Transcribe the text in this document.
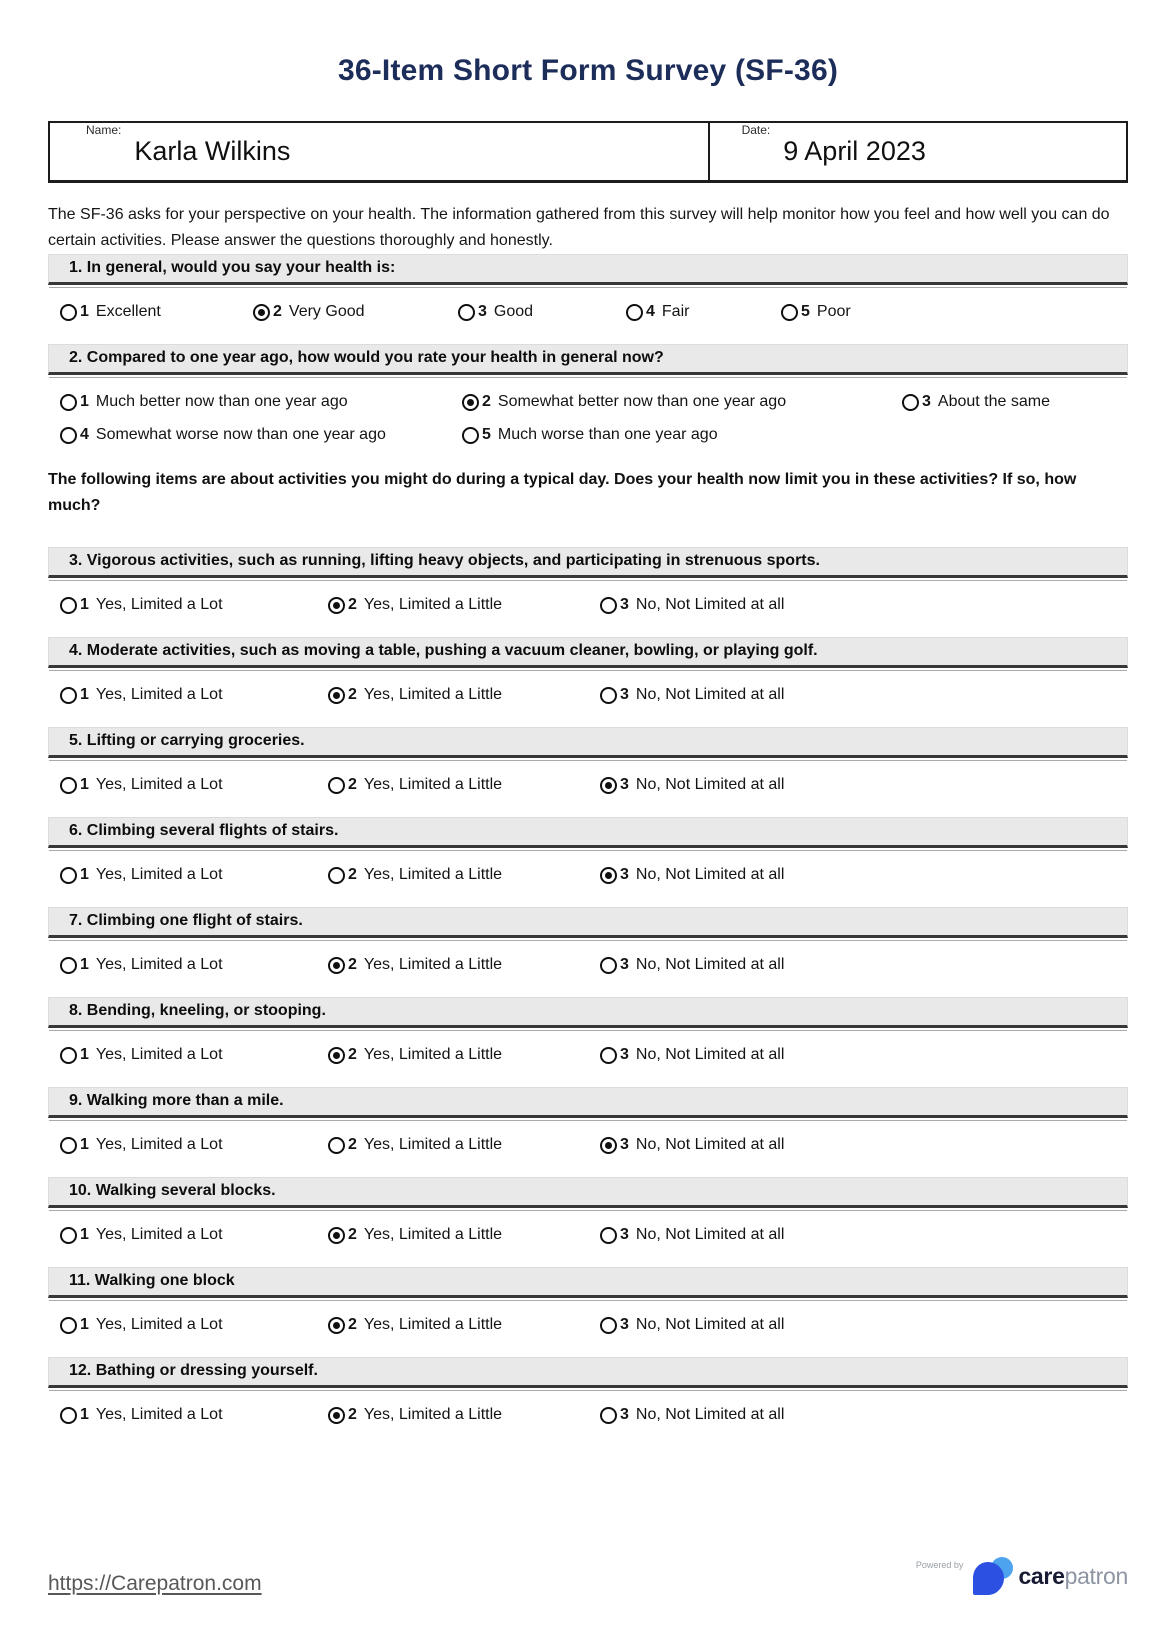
36-Item Short Form Survey (SF-36)
Name:
Karla Wilkins
Date:
9 April 2023

The SF-36 asks for your perspective on your health. The information gathered from this survey will help monitor how you feel and how well you can do certain activities. Please answer the questions thoroughly and honestly.

1. In general, would you say your health is:
1 Excellent	2 Very Good	3 Good	4 Fair	5 Poor
2. Compared to one year ago, how would you rate your health in general now?
1 Much better now than one year ago	2 Somewhat better now than one year ago	3 About the same
4 Somewhat worse now than one year ago	5 Much worse than one year ago

The following items are about activities you might do during a typical day. Does your health now limit you in these activities? If so, how much?

3. Vigorous activities, such as running, lifting heavy objects, and participating in strenuous sports.
1 Yes, Limited a Lot	2 Yes, Limited a Little	3 No, Not Limited at all
4. Moderate activities, such as moving a table, pushing a vacuum cleaner, bowling, or playing golf.
1 Yes, Limited a Lot	2 Yes, Limited a Little	3 No, Not Limited at all
5. Lifting or carrying groceries.
1 Yes, Limited a Lot	2 Yes, Limited a Little	3 No, Not Limited at all
6. Climbing several flights of stairs.
1 Yes, Limited a Lot	2 Yes, Limited a Little	3 No, Not Limited at all
7. Climbing one flight of stairs.
1 Yes, Limited a Lot	2 Yes, Limited a Little	3 No, Not Limited at all
8. Bending, kneeling, or stooping.
1 Yes, Limited a Lot	2 Yes, Limited a Little	3 No, Not Limited at all
9. Walking more than a mile.
1 Yes, Limited a Lot	2 Yes, Limited a Little	3 No, Not Limited at all
10. Walking several blocks.
1 Yes, Limited a Lot	2 Yes, Limited a Little	3 No, Not Limited at all
11. Walking one block
1 Yes, Limited a Lot	2 Yes, Limited a Little	3 No, Not Limited at all
12. Bathing or dressing yourself.
1 Yes, Limited a Lot	2 Yes, Limited a Little	3 No, Not Limited at all
https://Carepatron.com
Powered by carepatron
